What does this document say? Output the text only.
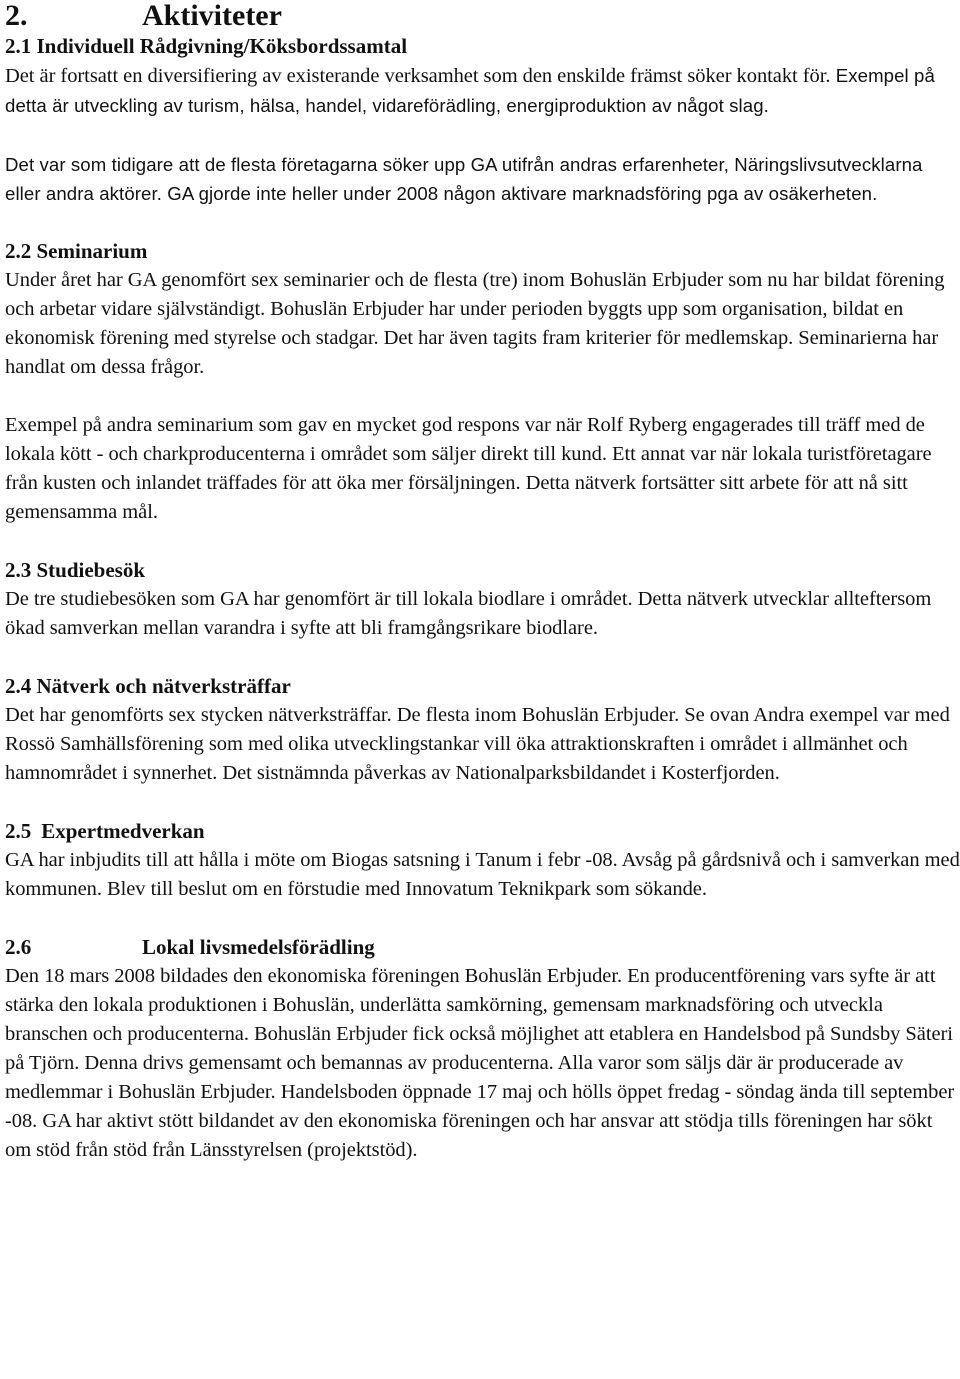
2.	Aktiviteter
2.1 Individuell Rådgivning/Köksbordssamtal

Det är fortsatt en diversifiering av existerande verksamhet som den enskilde främst söker kontakt för. Exempel på detta är utveckling av turism, hälsa, handel, vidareförädling, energiproduktion av något slag.

Det var som tidigare att de flesta företagarna söker upp GA utifrån andras erfarenheter, Näringslivsutvecklarna eller andra aktörer. GA gjorde inte heller under 2008 någon aktivare marknadsföring pga av osäkerheten.

2.2 Seminarium

Under året har GA genomfört sex seminarier och de flesta (tre) inom Bohuslän Erbjuder som nu har bildat förening och arbetar vidare självständigt. Bohuslän Erbjuder har under perioden byggts upp som organisation, bildat en ekonomisk förening med styrelse och stadgar. Det har även tagits fram kriterier för medlemskap. Seminarierna har handlat om dessa frågor.

Exempel på andra seminarium som gav en mycket god respons var när Rolf Ryberg engagerades till träff med de lokala kött - och charkproducenterna i området som säljer direkt till kund. Ett annat var när lokala turistföretagare från kusten och inlandet träffades för att öka mer försäljningen. Detta nätverk fortsätter sitt arbete för att nå sitt gemensamma mål.

2.3 Studiebesök

De tre studiebesöken som GA har genomfört är till lokala biodlare i området. Detta nätverk utvecklar allteftersom ökad samverkan mellan varandra i syfte att bli framgångsrikare biodlare.

2.4 Nätverk och nätverksträffar

Det har genomförts sex stycken nätverksträffar. De flesta inom Bohuslän Erbjuder. Se ovan Andra exempel var med Rossö Samhällsförening som med olika utvecklingstankar vill öka attraktionskraften i området i allmänhet och hamnområdet i synnerhet. Det sistnämnda påverkas av Nationalparksbildandet i Kosterfjorden.

2.5 Expertmedverkan

GA har inbjudits till att hålla i möte om Biogas satsning i Tanum i febr -08. Avsåg på gårdsnivå och i samverkan med kommunen. Blev till beslut om en förstudie med Innovatum Teknikpark som sökande.

2.6	Lokal livsmedelsförädling

Den 18 mars 2008 bildades den ekonomiska föreningen Bohuslän Erbjuder. En producentförening vars syfte är att stärka den lokala produktionen i Bohuslän, underlätta samkörning, gemensam marknadsföring och utveckla branschen och producenterna. Bohuslän Erbjuder fick också möjlighet att etablera en Handelsbod på Sundsby Säteri på Tjörn. Denna drivs gemensamt och bemannas av producenterna. Alla varor som säljs där är producerade av medlemmar i Bohuslän Erbjuder. Handelsboden öppnade 17 maj och hölls öppet fredag - söndag ända till september -08. GA har aktivt stött bildandet av den ekonomiska föreningen och har ansvar att stödja tills föreningen har sökt om stöd från stöd från Länsstyrelsen (projektstöd).
